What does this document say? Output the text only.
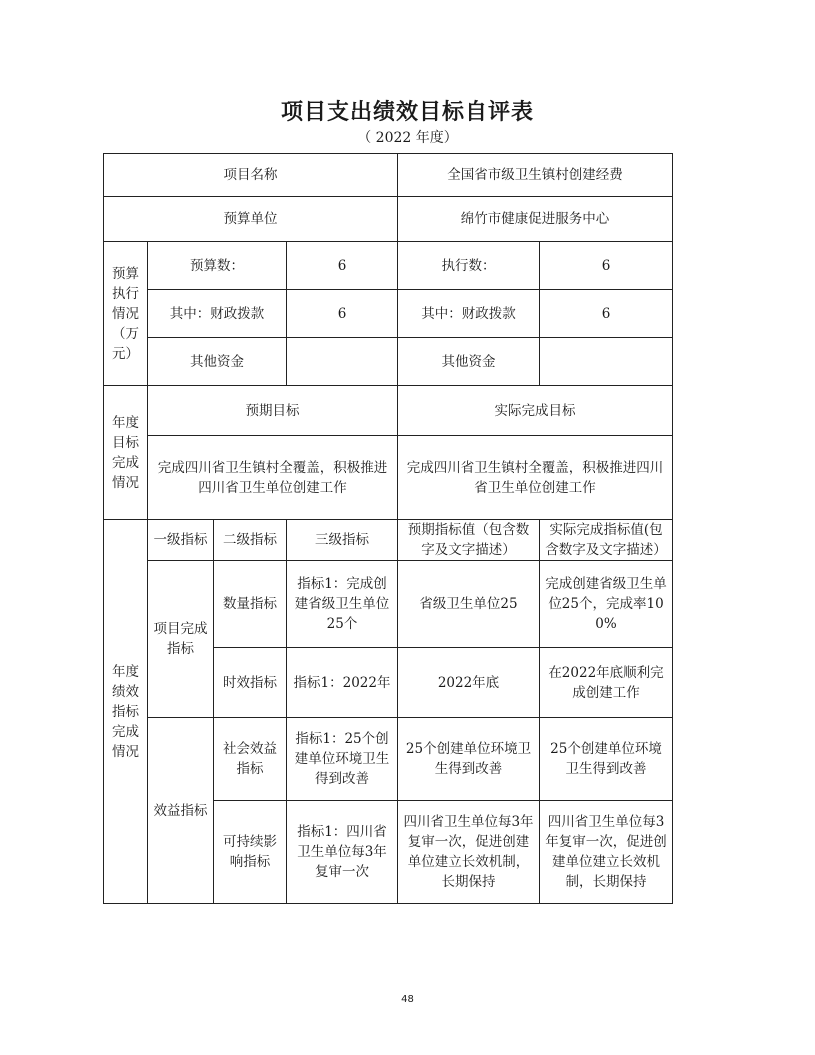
项目支出绩效目标自评表
（ 2022 年度）
项目名称				全国省市级卫生镇村创建经费	
预算单位				绵竹市健康促进服务中心	
预算执行情况（万元）	预算数：		6	执行数：	6
	其中：财政拨款		6	其中：财政拨款	6
	其他资金			其他资金	
年度目标完成情况	预期目标			实际完成目标	
	完成四川省卫生镇村全覆盖，积极推进四川省卫生单位创建工作			完成四川省卫生镇村全覆盖，积极推进四川省卫生单位创建工作	
年度绩效指标完成情况	一级指标	二级指标	三级指标	预期指标值（包含数字及文字描述）	实际完成指标值(包含数字及文字描述）
	项目完成指标	数量指标	指标1：完成创建省级卫生单位25个	省级卫生单位25	完成创建省级卫生单位25个，完成率100%
		时效指标	指标1：2022年	2022年底	在2022年底顺利完成创建工作
	效益指标	社会效益指标	指标1：25个创建单位环境卫生得到改善	25个创建单位环境卫生得到改善	25个创建单位环境卫生得到改善
		可持续影响指标	指标1：四川省卫生单位每3年复审一次	四川省卫生单位每3年复审一次，促进创建单位建立长效机制，长期保持	四川省卫生单位每3年复审一次，促进创建单位建立长效机制，长期保持
48
